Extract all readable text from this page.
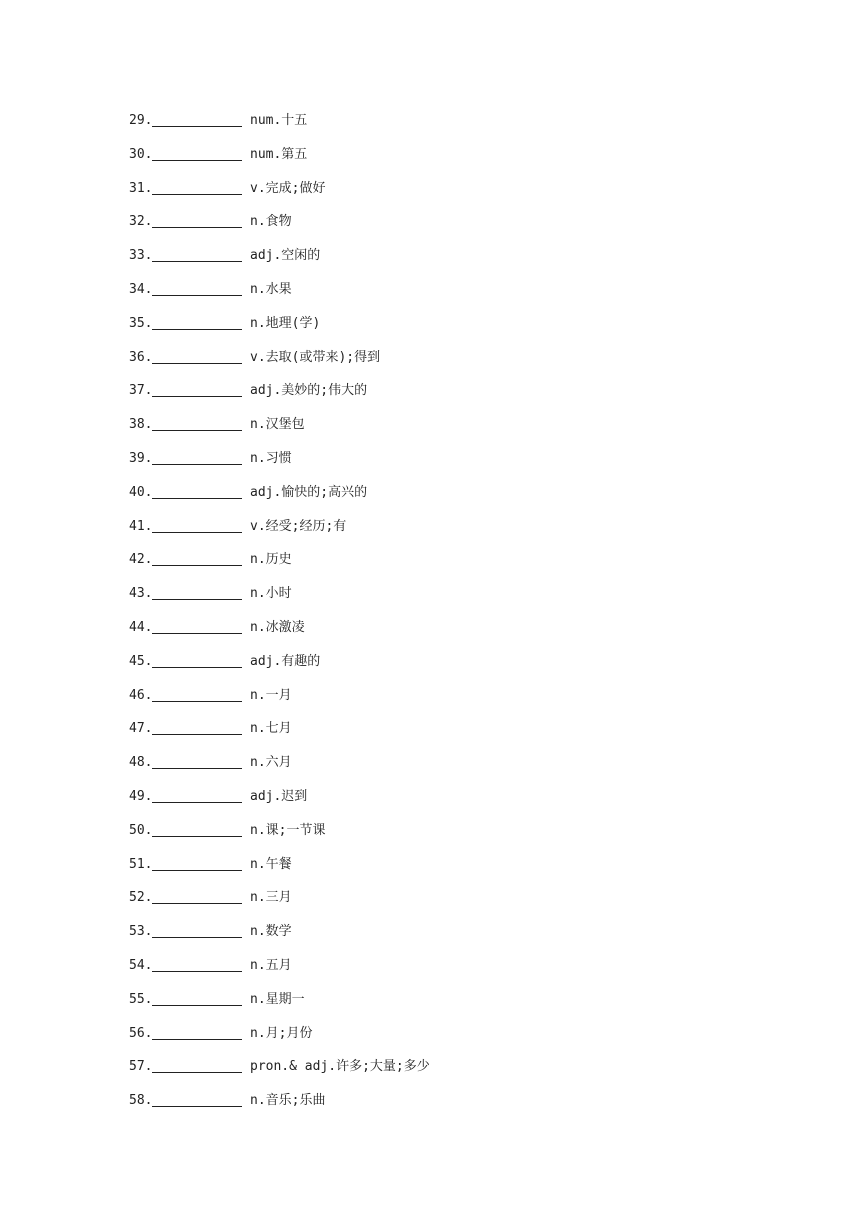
29.	num.十五
30.	num.第五
31.	v.完成;做好
32.	n.食物
33.	adj.空闲的
34.	n.水果
35.	n.地理(学)
36.	v.去取(或带来);得到
37.	adj.美妙的;伟大的
38.	n.汉堡包
39.	n.习惯
40.	adj.愉快的;高兴的
41.	v.经受;经历;有
42.	n.历史
43.	n.小时
44.	n.冰激凌
45.	adj.有趣的
46.	n.一月
47.	n.七月
48.	n.六月
49.	adj.迟到
50.	n.课;一节课
51.	n.午餐
52.	n.三月
53.	n.数学
54.	n.五月
55.	n.星期一
56.	n.月;月份
57.	pron.& adj.许多;大量;多少
58.	n.音乐;乐曲
